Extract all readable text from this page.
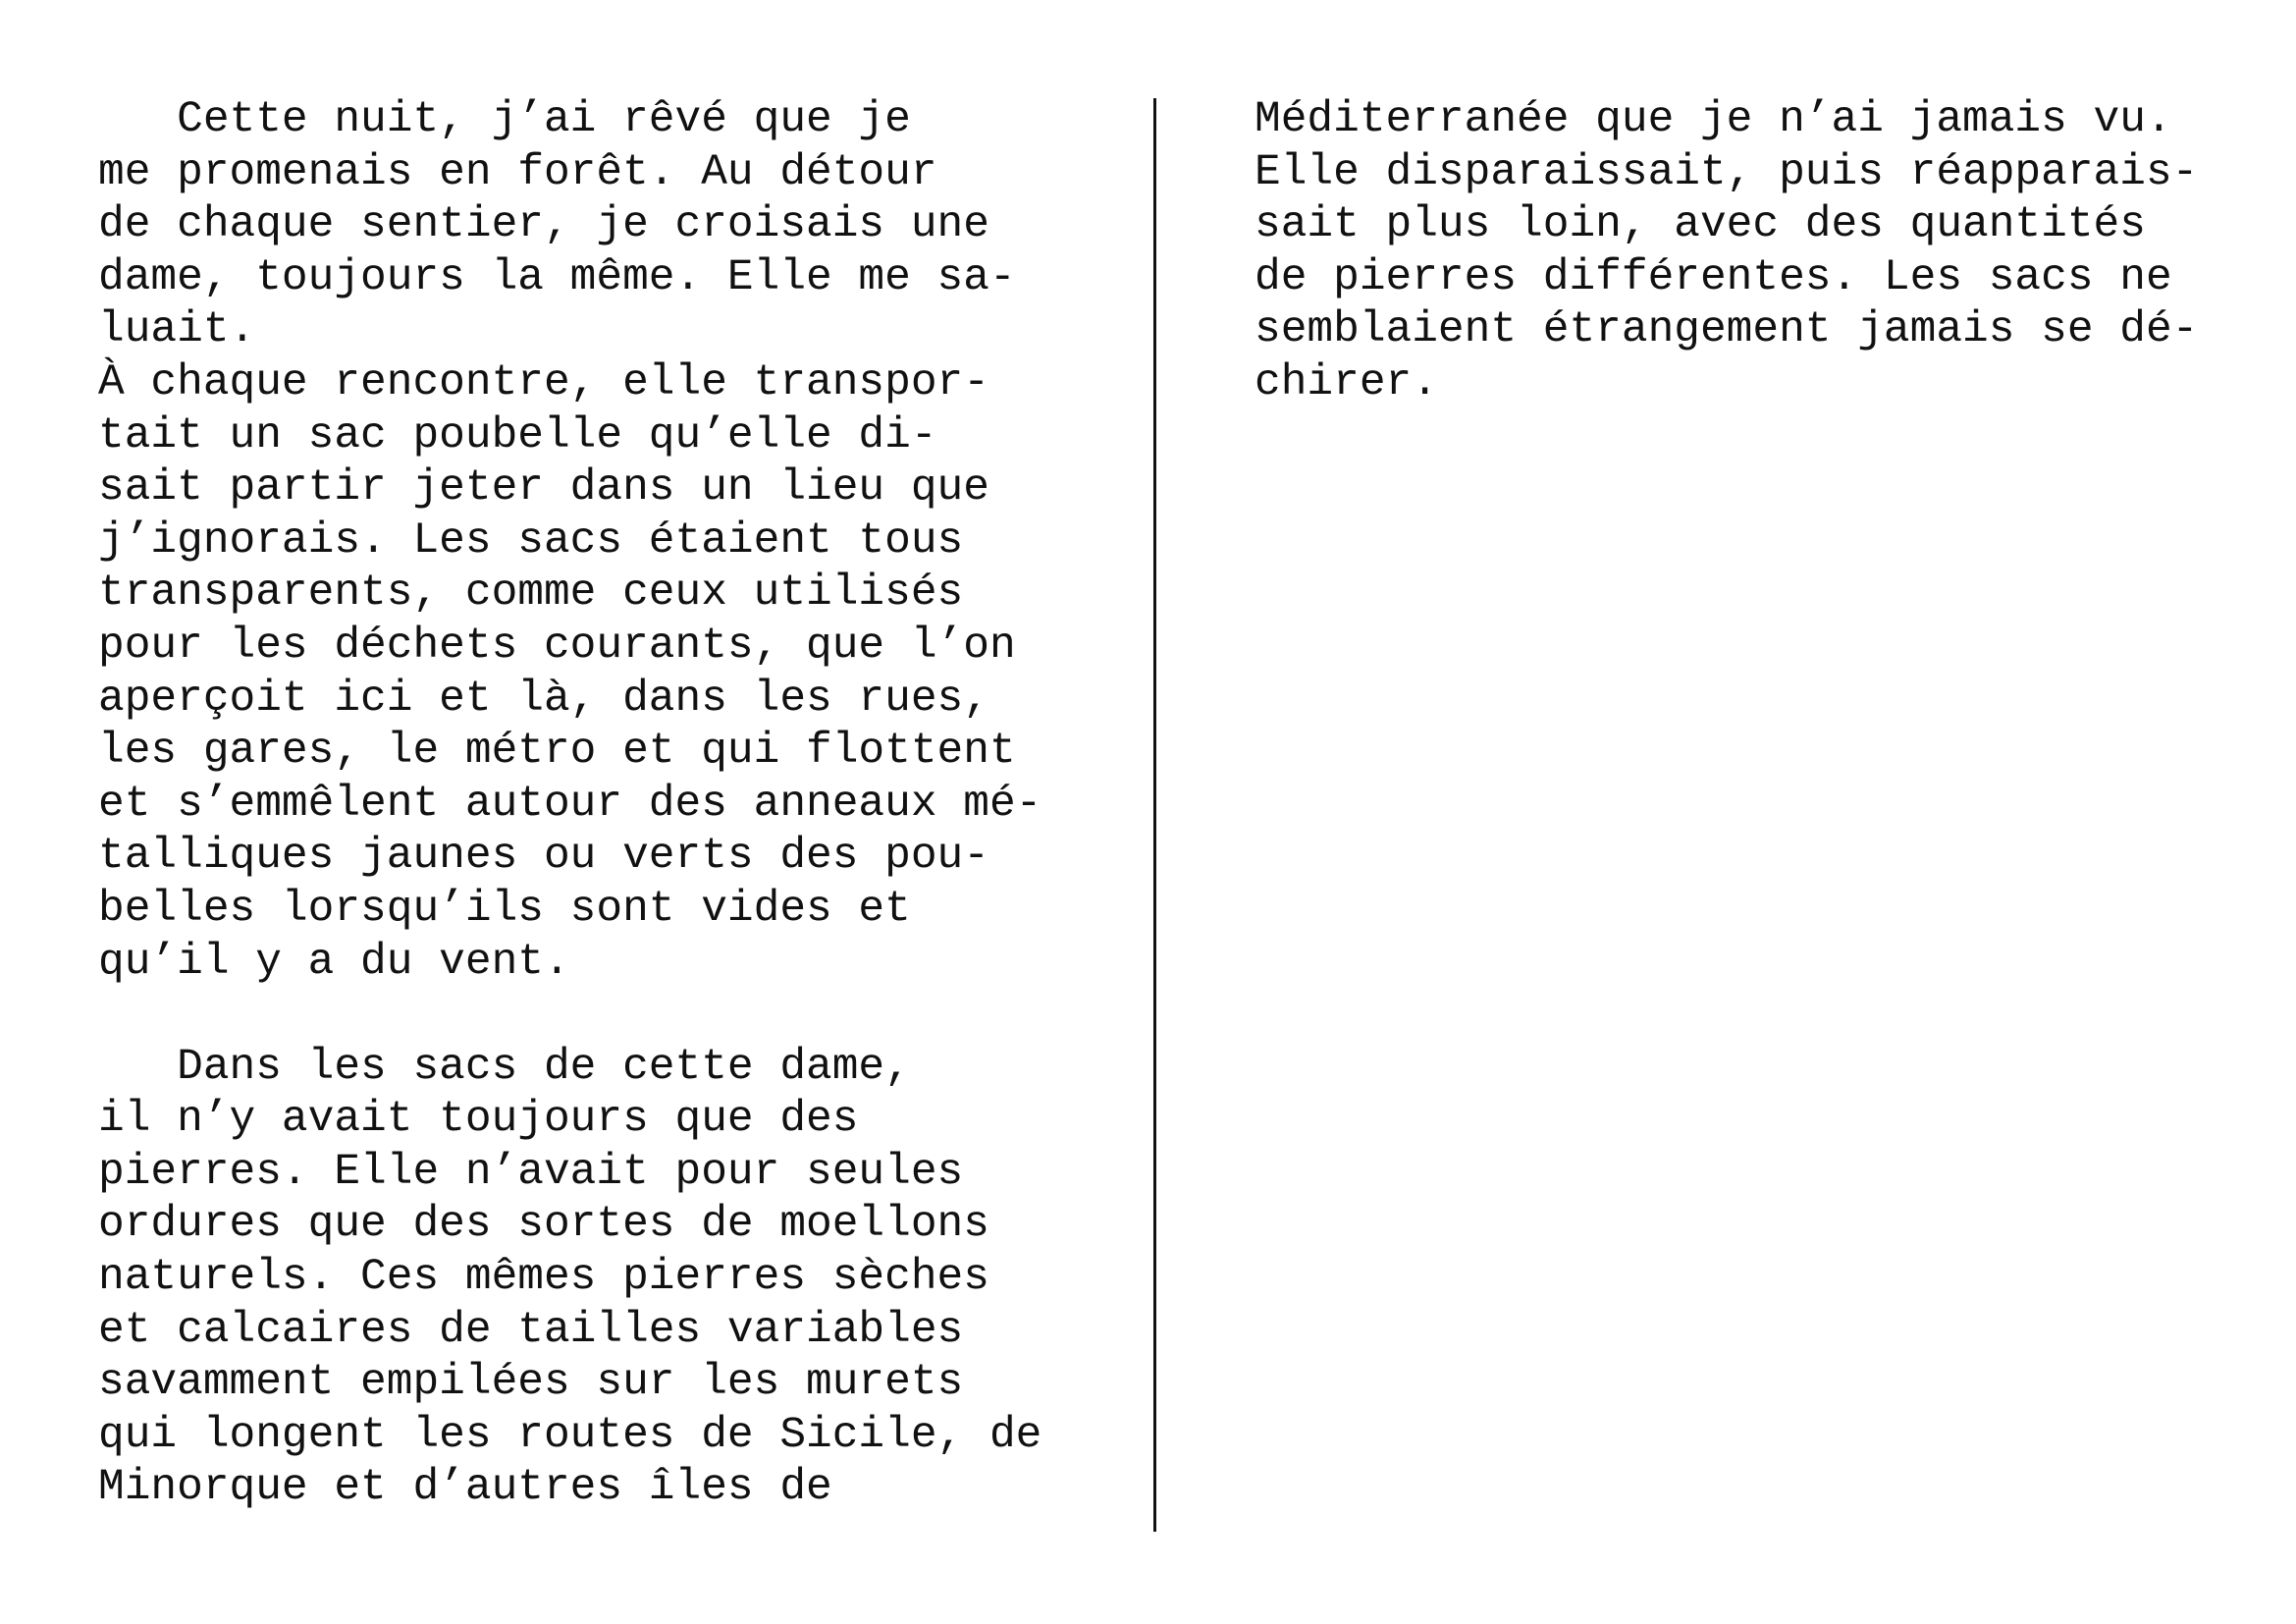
Cette nuit, j’ai rêvé que je
me promenais en forêt. Au détour
de chaque sentier, je croisais une
dame, toujours la même. Elle me sa-
luait.
À chaque rencontre, elle transpor-
tait un sac poubelle qu’elle di-
sait partir jeter dans un lieu que
j’ignorais. Les sacs étaient tous
transparents, comme ceux utilisés
pour les déchets courants, que l’on
aperçoit ici et là, dans les rues,
les gares, le métro et qui flottent
et s’emmêlent autour des anneaux mé-
talliques jaunes ou verts des pou-
belles lorsqu’ils sont vides et
qu’il y a du vent.
Dans les sacs de cette dame,
il n’y avait toujours que des
pierres. Elle n’avait pour seules
ordures que des sortes de moellons
naturels. Ces mêmes pierres sèches
et calcaires de tailles variables
savamment empilées sur les murets
qui longent les routes de Sicile, de
Minorque et d’autres îles de
Méditerranée que je n’ai jamais vu.
Elle disparaissait, puis réapparais-
sait plus loin, avec des quantités
de pierres différentes. Les sacs ne
semblaient étrangement jamais se dé-
chirer.
